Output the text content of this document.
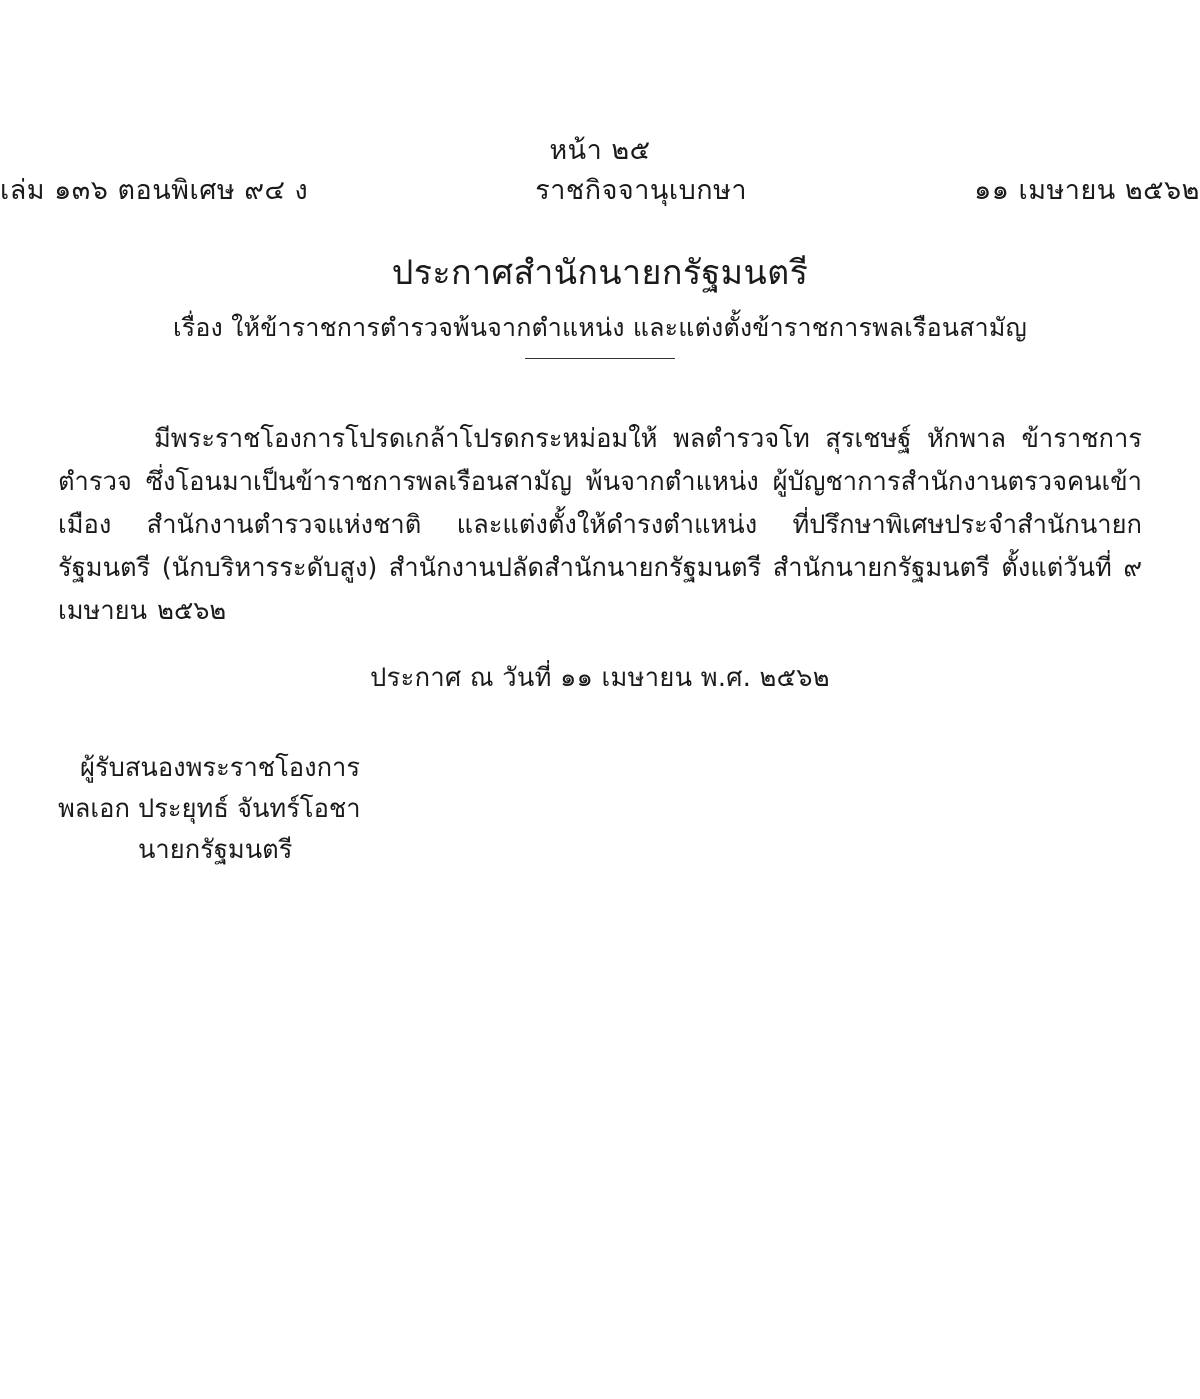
หน้า ๒๕
เล่ม ๑๓๖ ตอนพิเศษ ๙๔ ง	ราชกิจจานุเบกษา	๑๑ เมษายน ๒๕๖๒
ประกาศสำนักนายกรัฐมนตรี
เรื่อง ให้ข้าราชการตำรวจพ้นจากตำแหน่ง และแต่งตั้งข้าราชการพลเรือนสามัญ

มีพระราชโองการโปรดเกล้าโปรดกระหม่อมให้ พลตำรวจโท สุรเชษฐ์ หักพาล ข้าราชการตำรวจ ซึ่งโอนมาเป็นข้าราชการพลเรือนสามัญ พ้นจากตำแหน่ง ผู้บัญชาการสำนักงานตรวจคนเข้าเมือง สำนักงานตำรวจแห่งชาติ และแต่งตั้งให้ดำรงตำแหน่ง ที่ปรึกษาพิเศษประจำสำนักนายกรัฐมนตรี (นักบริหารระดับสูง) สำนักงานปลัดสำนักนายกรัฐมนตรี สำนักนายกรัฐมนตรี ตั้งแต่วันที่ ๙ เมษายน ๒๕๖๒

ประกาศ ณ วันที่ ๑๑ เมษายน พ.ศ. ๒๕๖๒
ผู้รับสนองพระราชโองการ
พลเอก ประยุทธ์ จันทร์โอชา
นายกรัฐมนตรี
